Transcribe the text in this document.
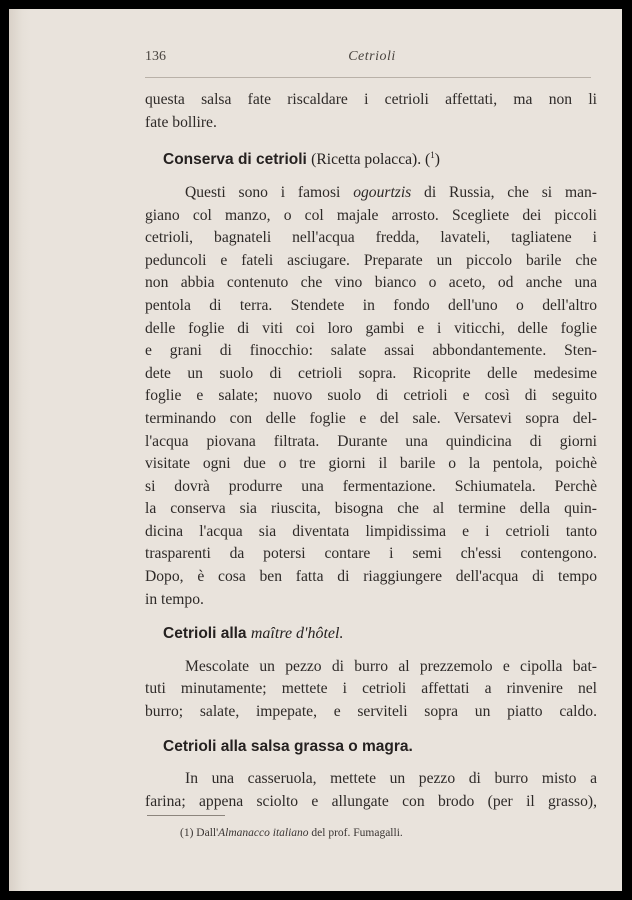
136	Cetrioli
questa salsa fate riscaldare i cetrioli affettati, ma non li
fate bollire.
Conserva di cetrioli (Ricetta polacca). ($^1$)
Questi sono i famosi ogourtzis di Russia, che si man-
giano col manzo, o col majale arrosto. Scegliete dei piccoli
cetrioli, bagnateli nell'acqua fredda, lavateli, tagliatene i
peduncoli e fateli asciugare. Preparate un piccolo barile che
non abbia contenuto che vino bianco o aceto, od anche una
pentola di terra. Stendete in fondo dell'uno o dell'altro
delle foglie di viti coi loro gambi e i viticchi, delle foglie
e grani di finocchio: salate assai abbondantemente. Sten-
dete un suolo di cetrioli sopra. Ricoprite delle medesime
foglie e salate; nuovo suolo di cetrioli e così di seguito
terminando con delle foglie e del sale. Versatevi sopra del-
l'acqua piovana filtrata. Durante una quindicina di giorni
visitate ogni due o tre giorni il barile o la pentola, poichè
si dovrà produrre una fermentazione. Schiumatela. Perchè
la conserva sia riuscita, bisogna che al termine della quin-
dicina l'acqua sia diventata limpidissima e i cetrioli tanto
trasparenti da potersi contare i semi ch'essi contengono.
Dopo, è cosa ben fatta di riaggiungere dell'acqua di tempo
in tempo.
Cetrioli alla maître d'hôtel.
Mescolate un pezzo di burro al prezzemolo e cipolla bat-
tuti minutamente; mettete i cetrioli affettati a rinvenire nel
burro; salate, impepate, e serviteli sopra un piatto caldo.
Cetrioli alla salsa grassa o magra.
In una casseruola, mettete un pezzo di burro misto a
farina; appena sciolto e allungate con brodo (per il grasso),
(1) Dall'Almanacco italiano del prof. Fumagalli.
